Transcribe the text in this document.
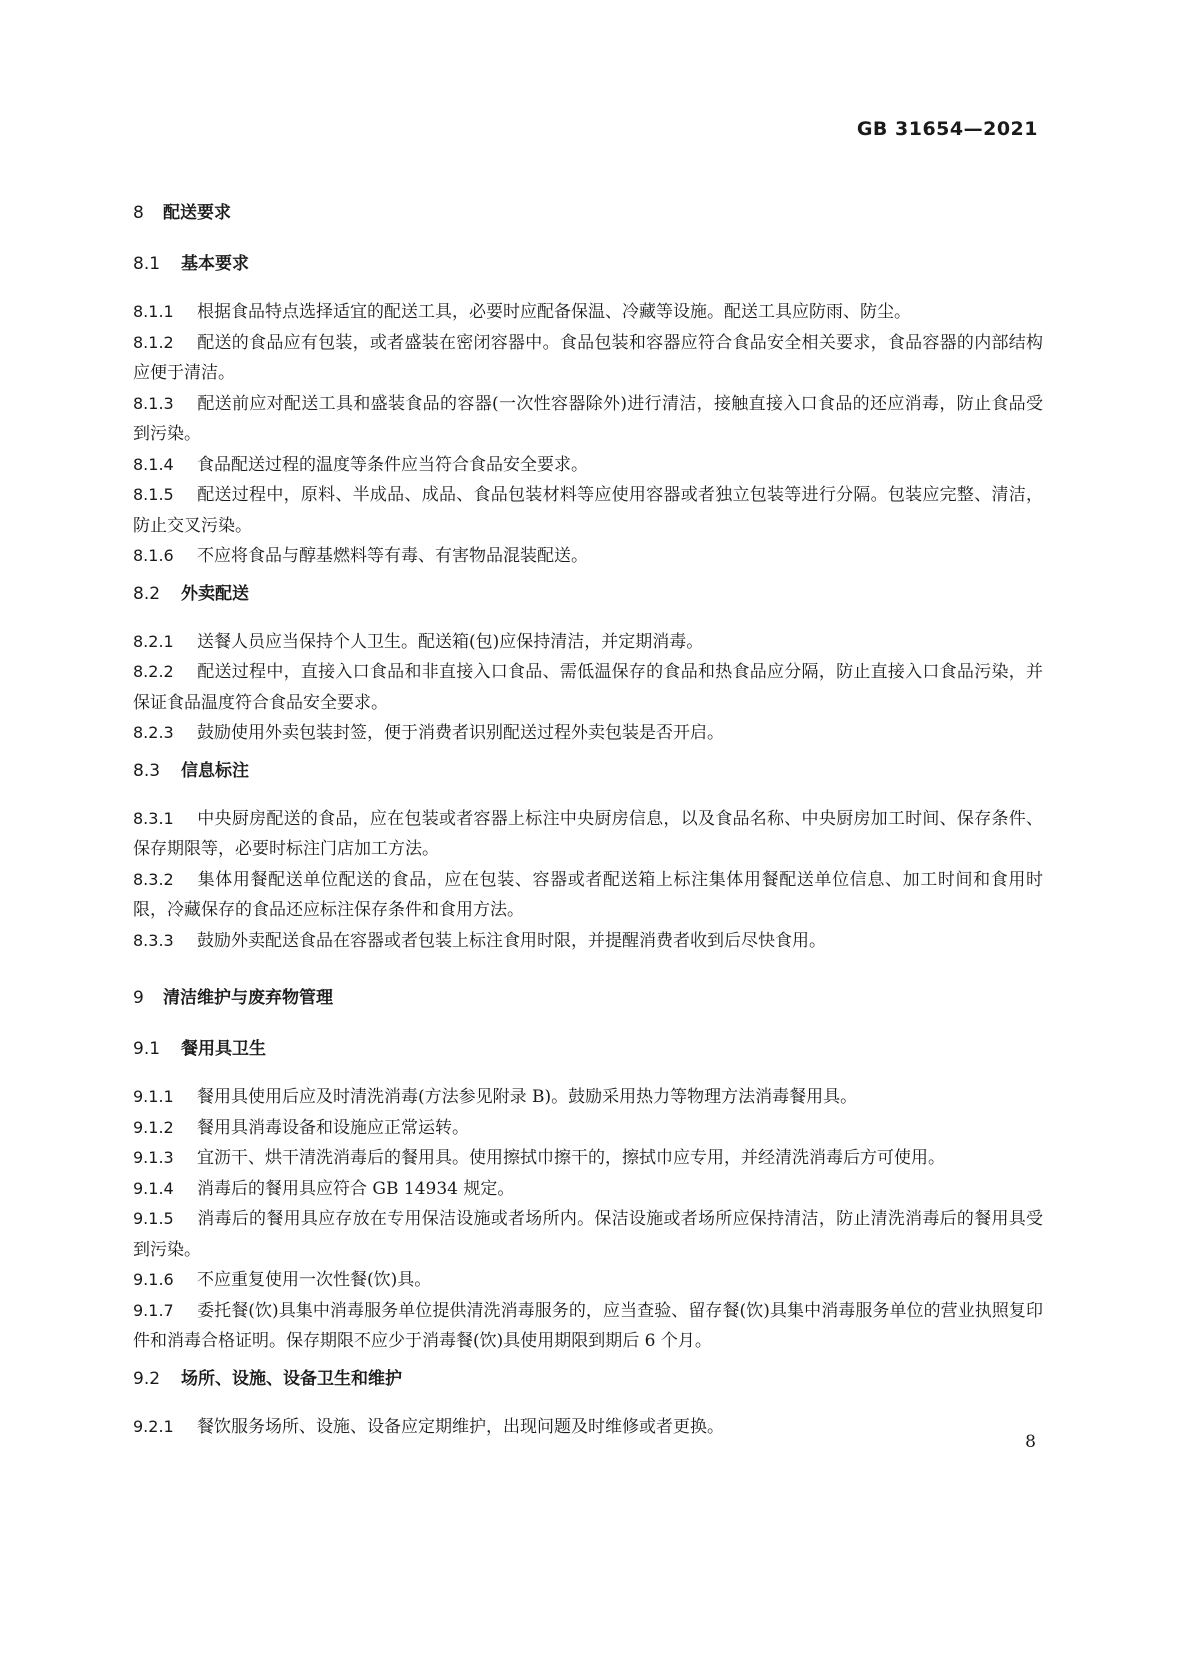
GB 31654—2021
8 配送要求
8.1 基本要求

8.1.1 根据食品特点选择适宜的配送工具，必要时应配备保温、冷藏等设施。配送工具应防雨、防尘。

8.1.2 配送的食品应有包装，或者盛装在密闭容器中。食品包装和容器应符合食品安全相关要求，食品容器的内部结构应便于清洁。

8.1.3 配送前应对配送工具和盛装食品的容器(一次性容器除外)进行清洁，接触直接入口食品的还应消毒，防止食品受到污染。

8.1.4 食品配送过程的温度等条件应当符合食品安全要求。

8.1.5 配送过程中，原料、半成品、成品、食品包装材料等应使用容器或者独立包装等进行分隔。包装应完整、清洁，防止交叉污染。

8.1.6 不应将食品与醇基燃料等有毒、有害物品混装配送。

8.2 外卖配送

8.2.1 送餐人员应当保持个人卫生。配送箱(包)应保持清洁，并定期消毒。

8.2.2 配送过程中，直接入口食品和非直接入口食品、需低温保存的食品和热食品应分隔，防止直接入口食品污染，并保证食品温度符合食品安全要求。

8.2.3 鼓励使用外卖包装封签，便于消费者识别配送过程外卖包装是否开启。

8.3 信息标注

8.3.1 中央厨房配送的食品，应在包装或者容器上标注中央厨房信息，以及食品名称、中央厨房加工时间、保存条件、保存期限等，必要时标注门店加工方法。

8.3.2 集体用餐配送单位配送的食品，应在包装、容器或者配送箱上标注集体用餐配送单位信息、加工时间和食用时限，冷藏保存的食品还应标注保存条件和食用方法。

8.3.3 鼓励外卖配送食品在容器或者包装上标注食用时限，并提醒消费者收到后尽快食用。

9 清洁维护与废弃物管理
9.1 餐用具卫生

9.1.1 餐用具使用后应及时清洗消毒(方法参见附录 B)。鼓励采用热力等物理方法消毒餐用具。

9.1.2 餐用具消毒设备和设施应正常运转。

9.1.3 宜沥干、烘干清洗消毒后的餐用具。使用擦拭巾擦干的，擦拭巾应专用，并经清洗消毒后方可使用。

9.1.4 消毒后的餐用具应符合 GB 14934 规定。

9.1.5 消毒后的餐用具应存放在专用保洁设施或者场所内。保洁设施或者场所应保持清洁，防止清洗消毒后的餐用具受到污染。

9.1.6 不应重复使用一次性餐(饮)具。

9.1.7 委托餐(饮)具集中消毒服务单位提供清洗消毒服务的，应当查验、留存餐(饮)具集中消毒服务单位的营业执照复印件和消毒合格证明。保存期限不应少于消毒餐(饮)具使用期限到期后 6 个月。

9.2 场所、设施、设备卫生和维护

9.2.1 餐饮服务场所、设施、设备应定期维护，出现问题及时维修或者更换。

8
